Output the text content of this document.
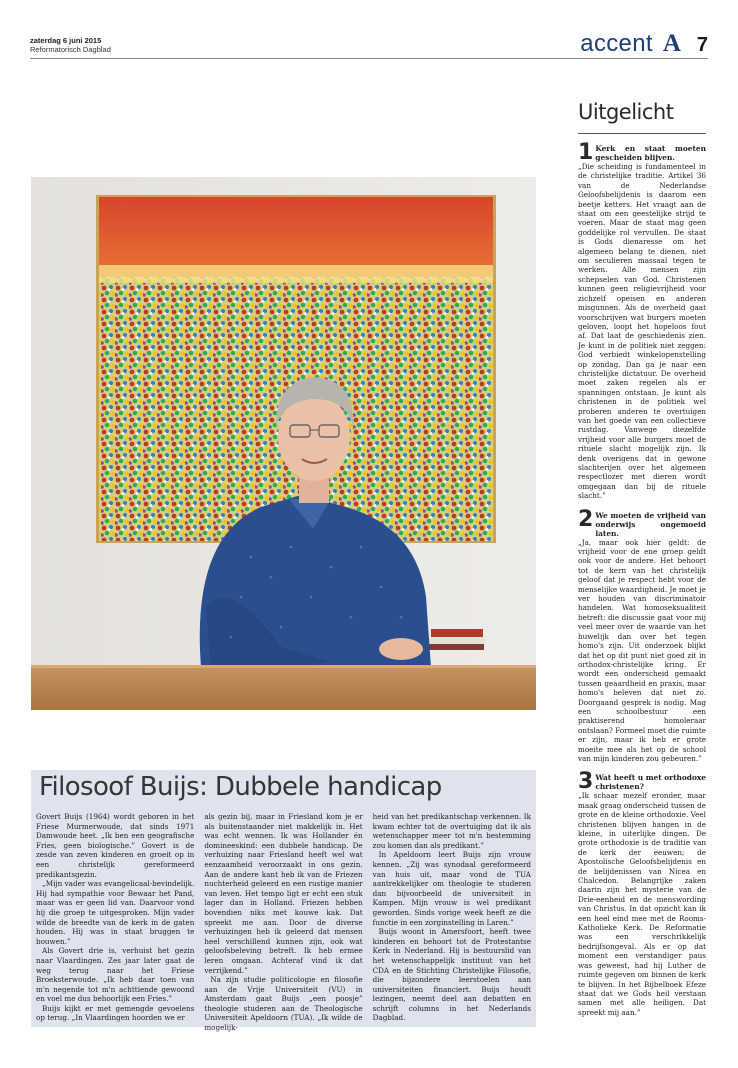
zaterdag 6 juni 2015
Reformatorisch Dagblad	accent A 7
Filosoof Buijs: Dubbele handicap

Govert Buijs (1964) wordt geboren in het Friese Murmerwoude, dat sinds 1971 Damwoude heet. „Ik ben een geografische Fries, geen biologische.” Govert is de zesde van zeven kinderen en groeit op in een christelijk gereformeerd predikantsgezin.

„Mijn vader was evangelicaal-bevindelijk. Hij had sympathie voor Bewaar het Pand, maar was er geen lid van. Daarvoor vond hij die groep te uitgesproken. Mijn vader wilde de breedte van de kerk in de gaten houden. Hij was in staat bruggen te bouwen.”

Als Govert drie is, verhuist het gezin naar Vlaardingen. Zes jaar later gaat de weg terug naar het Friese Broeksterwoude. „Ik heb daar toen van m'n negende tot m'n achttiende gewoond en voel me dus behoorlijk een Fries.”

Buijs kijkt er met gemengde gevoelens op terug. „In Vlaardingen hoorden we er

als gezin bij, maar in Friesland kom je er als buitenstaander niet makkelijk in. Het was echt wennen. Ik was Hollander én domineeskind: een dubbele handicap. De verhuizing naar Friesland heeft wel wat eenzaamheid veroorzaakt in ons gezin. Aan de andere kant heb ik van de Friezen nuchterheid geleerd en een rustige manier van leven. Het tempo ligt er echt een stuk lager dan in Holland. Friezen hebben bovendien niks met kouwe kak. Dat spreekt me aan. Door de diverse verhuizingen heb ik geleerd dat mensen heel verschillend kunnen zijn, ook wat geloofsbeleving betreft. Ik heb ermee leren omgaan. Achteraf vind ik dat verrijkend.”

Na zijn studie politicologie en filosofie aan de Vrije Universiteit (VU) in Amsterdam gaat Buijs „een poosje” theologie studeren aan de Theologische Universiteit Apeldoorn (TUA). „Ik wilde de mogelijk-

heid van het predikantschap verkennen. Ik kwam echter tot de overtuiging dat ik als wetenschapper meer tot m'n bestemming zou komen dan als predikant.”

In Apeldoorn leert Buijs zijn vrouw kennen. „Zij was synodaal gereformeerd van huis uit, maar vond de TUA aantrekkelijker om theologie te studeren dan bijvoorbeeld de universiteit in Kampen. Mijn vrouw is wel predikant geworden. Sinds vorige week heeft ze die functie in een zorginstelling in Laren.”

Buijs woont in Amersfoort, heeft twee kinderen en behoort tot de Protestantse Kerk in Nederland. Hij is bestuurslid van het wetenschappelijk instituut van het CDA en de Stichting Christelijke Filosofie, die bijzondere leerstoelen aan universiteiten financiert. Buijs houdt lezingen, neemt deel aan debatten en schrijft columns in het Nederlands Dagblad.

Uitgelicht
1 Kerk en staat moeten gescheiden blijven.
„Die scheiding is fundamenteel in de christelijke traditie. Artikel 36 van de Nederlandse Geloofsbelijdenis is daarom een beetje ketters. Het vraagt aan de staat om een geestelijke strijd te voeren. Maar de staat mag geen goddelijke rol vervullen. De staat is Gods dienaresse om het algemeen belang te dienen, niet om seculieren massaal tegen te werken. Alle mensen zijn schepselen van God. Christenen kunnen geen religievrijheid voor zichzelf opeisen en anderen misgunnen. Als de overheid gaat voorschrijven wat burgers moeten geloven, loopt het hopeloos fout af. Dat laat de geschiedenis zien. Je kunt in de politiek niet zeggen: God verbiedt winkelopenstelling op zondag. Dan ga je naar een christelijke dictatuur. De overheid moet zaken regelen als er spanningen ontstaan. Je kunt als christenen in de politiek wel proberen anderen te overtuigen van het goede van een collectieve rustdag. Vanwege diezelfde vrijheid voor alle burgers moet de rituele slacht mogelijk zijn. Ik denk overigens dat in gewone slachterijen over het algemeen respectlozer met dieren wordt omgegaan dan bij de rituele slacht.”
2 We moeten de vrijheid van onderwijs ongemoeid laten.
„Ja, maar ook hier geldt: de vrijheid voor de ene groep geldt ook voor de andere. Het behoort tot de kern van het christelijk geloof dat je respect hebt voor de menselijke waardigheid. Je moet je ver houden van discriminatoir handelen. Wat homoseksualiteit betreft: die discussie gaat voor mij veel meer over de waarde van het huwelijk dan over het tegen homo's zijn. Uit onderzoek blijkt dat het op dit punt niet goed zit in orthodox-christelijke kring. Er wordt een onderscheid gemaakt tussen geaardheid en praxis, maar homo's beleven dat niet zo. Doorgaand gesprek is nodig. Mag een schoolbestuur een praktiserend homoleraar ontslaan? Formeel moet die ruimte er zijn, maar ik heb er grote moeite mee als het op de school van mijn kinderen zou gebeuren.”
3 Wat heeft u met orthodoxe christenen?
„Ik schaar mezelf eronder, maar maak graag onderscheid tussen de grote en de kleine orthodoxie. Veel christenen blijven hangen in de kleine, in uiterlijke dingen. De grote orthodoxie is de traditie van de kerk der eeuwen; de Apostolische Geloofsbelijdenis en de belijdenissen van Nicea en Chalcedon. Belangrijke zaken daarin zijn het mysterie van de Drie-eenheid en de menswording van Christus. In dat opzicht kan ik een heel eind mee met de Rooms-Katholieke Kerk. De Reformatie was een verschrikkelijk bedrijfsongeval. Als er op dat moment een verstandiger paus was geweest, had hij Luther de ruimte gegeven om binnen de kerk te blijven. In het Bijbelboek Efeze staat dat we Gods heil verstaan samen met alle heiligen. Dat spreekt mij aan.”
